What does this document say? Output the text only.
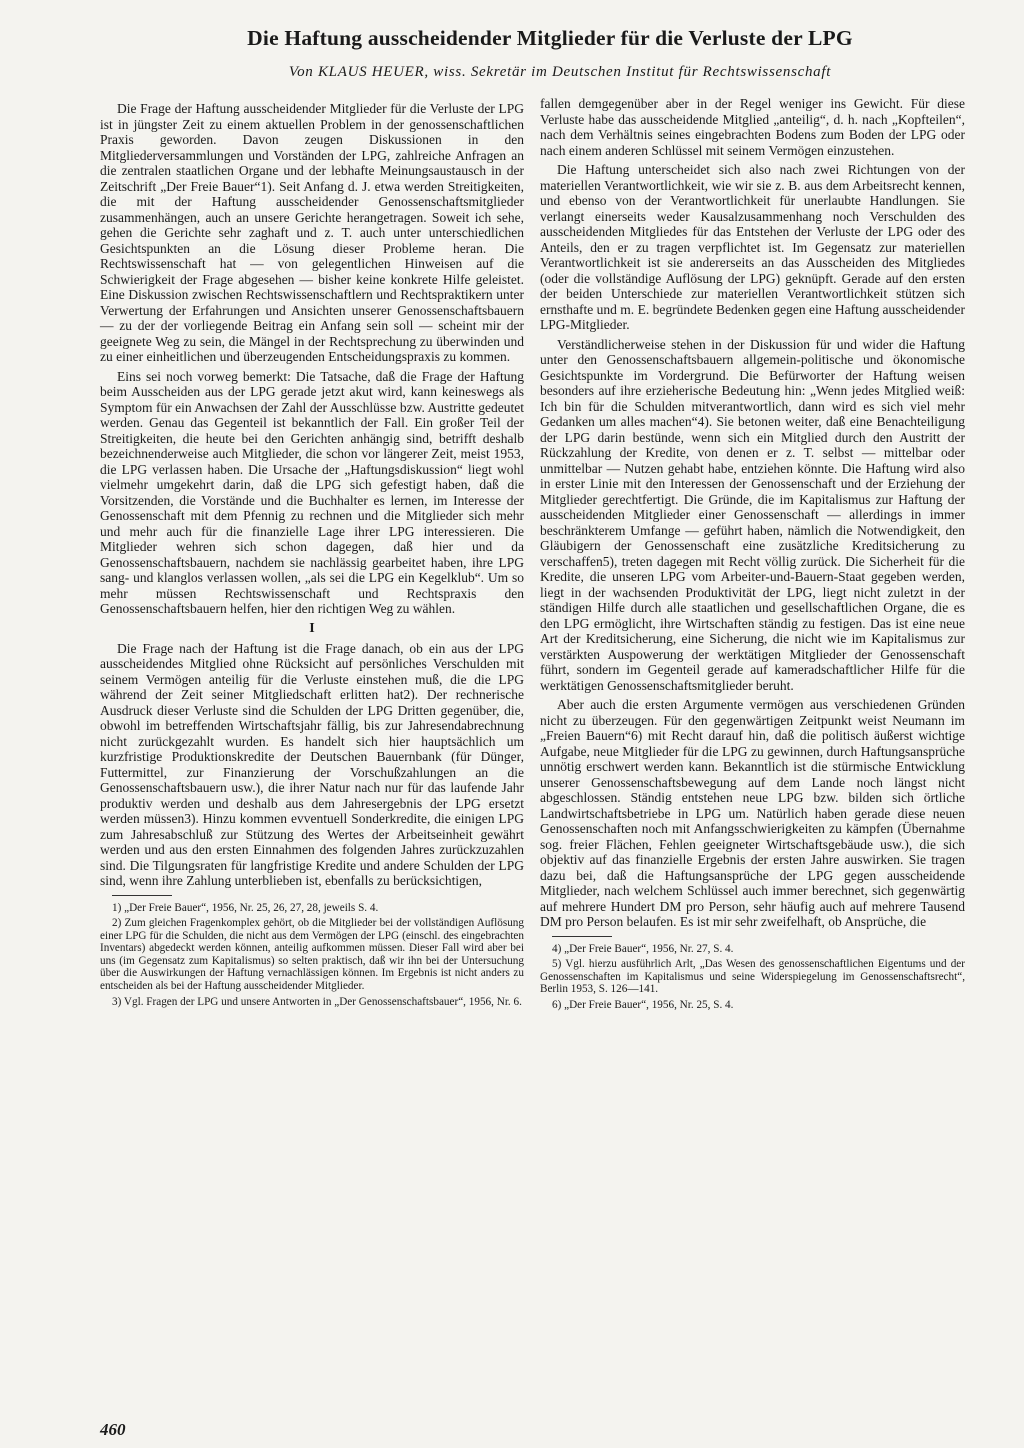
Die Haftung ausscheidender Mitglieder für die Verluste der LPG
Von KLAUS HEUER, wiss. Sekretär im Deutschen Institut für Rechtswissenschaft

Die Frage der Haftung ausscheidender Mitglieder für die Verluste der LPG ist in jüngster Zeit zu einem aktuellen Problem in der genossenschaftlichen Praxis geworden. Davon zeugen Diskussionen in den Mitgliederversammlungen und Vorständen der LPG, zahlreiche Anfragen an die zentralen staatlichen Organe und der lebhafte Meinungsaustausch in der Zeitschrift „Der Freie Bauer“1). Seit Anfang d. J. etwa werden Streitigkeiten, die mit der Haftung ausscheidender Genossenschaftsmitglieder zusammenhängen, auch an unsere Gerichte herangetragen. Soweit ich sehe, gehen die Gerichte sehr zaghaft und z. T. auch unter unterschiedlichen Gesichtspunkten an die Lösung dieser Probleme heran. Die Rechtswissenschaft hat — von gelegentlichen Hinweisen auf die Schwierigkeit der Frage abgesehen — bisher keine konkrete Hilfe geleistet. Eine Diskussion zwischen Rechtswissenschaftlern und Rechtspraktikern unter Verwertung der Erfahrungen und Ansichten unserer Genossenschaftsbauern — zu der der vorliegende Beitrag ein Anfang sein soll — scheint mir der geeignete Weg zu sein, die Mängel in der Rechtsprechung zu überwinden und zu einer einheitlichen und überzeugenden Entscheidungspraxis zu kommen.

Eins sei noch vorweg bemerkt: Die Tatsache, daß die Frage der Haftung beim Ausscheiden aus der LPG gerade jetzt akut wird, kann keineswegs als Symptom für ein Anwachsen der Zahl der Ausschlüsse bzw. Austritte gedeutet werden. Genau das Gegenteil ist bekanntlich der Fall. Ein großer Teil der Streitigkeiten, die heute bei den Gerichten anhängig sind, betrifft deshalb bezeichnenderweise auch Mitglieder, die schon vor längerer Zeit, meist 1953, die LPG verlassen haben. Die Ursache der „Haftungsdiskussion“ liegt wohl vielmehr umgekehrt darin, daß die LPG sich gefestigt haben, daß die Vorsitzenden, die Vorstände und die Buchhalter es lernen, im Interesse der Genossenschaft mit dem Pfennig zu rechnen und die Mitglieder sich mehr und mehr auch für die finanzielle Lage ihrer LPG interessieren. Die Mitglieder wehren sich schon dagegen, daß hier und da Genossenschaftsbauern, nachdem sie nachlässig gearbeitet haben, ihre LPG sang- und klanglos verlassen wollen, „als sei die LPG ein Kegelklub“. Um so mehr müssen Rechtswissenschaft und Rechtspraxis den Genossenschaftsbauern helfen, hier den richtigen Weg zu wählen.

I

Die Frage nach der Haftung ist die Frage danach, ob ein aus der LPG ausscheidendes Mitglied ohne Rücksicht auf persönliches Verschulden mit seinem Vermögen anteilig für die Verluste einstehen muß, die die LPG während der Zeit seiner Mitgliedschaft erlitten hat2). Der rechnerische Ausdruck dieser Verluste sind die Schulden der LPG Dritten gegenüber, die, obwohl im betreffenden Wirtschaftsjahr fällig, bis zur Jahresendabrechnung nicht zurückgezahlt wurden. Es handelt sich hier hauptsächlich um kurzfristige Produktionskredite der Deutschen Bauernbank (für Dünger, Futtermittel, zur Finanzierung der Vorschußzahlungen an die Genossenschaftsbauern usw.), die ihrer Natur nach nur für das laufende Jahr produktiv werden und deshalb aus dem Jahresergebnis der LPG ersetzt werden müssen3). Hinzu kommen evventuell Sonderkredite, die einigen LPG zum Jahresabschluß zur Stützung des Wertes der Arbeitseinheit gewährt werden und aus den ersten Einnahmen des folgenden Jahres zurückzuzahlen sind. Die Tilgungsraten für langfristige Kredite und andere Schulden der LPG sind, wenn ihre Zahlung unterblieben ist, ebenfalls zu berücksichtigen,

1) „Der Freie Bauer“, 1956, Nr. 25, 26, 27, 28, jeweils S. 4.

2) Zum gleichen Fragenkomplex gehört, ob die Mitglieder bei der vollständigen Auflösung einer LPG für die Schulden, die nicht aus dem Vermögen der LPG (einschl. des eingebrachten Inventars) abgedeckt werden können, anteilig aufkommen müssen. Dieser Fall wird aber bei uns (im Gegensatz zum Kapitalismus) so selten praktisch, daß wir ihn bei der Untersuchung über die Auswirkungen der Haftung vernachlässigen können. Im Ergebnis ist nicht anders zu entscheiden als bei der Haftung ausscheidender Mitglieder.

3) Vgl. Fragen der LPG und unsere Antworten in „Der Genossenschaftsbauer“, 1956, Nr. 6.

fallen demgegenüber aber in der Regel weniger ins Gewicht. Für diese Verluste habe das ausscheidende Mitglied „anteilig“, d. h. nach „Kopfteilen“, nach dem Verhältnis seines eingebrachten Bodens zum Boden der LPG oder nach einem anderen Schlüssel mit seinem Vermögen einzustehen.

Die Haftung unterscheidet sich also nach zwei Richtungen von der materiellen Verantwortlichkeit, wie wir sie z. B. aus dem Arbeitsrecht kennen, und ebenso von der Verantwortlichkeit für unerlaubte Handlungen. Sie verlangt einerseits weder Kausalzusammenhang noch Verschulden des ausscheidenden Mitgliedes für das Entstehen der Verluste der LPG oder des Anteils, den er zu tragen verpflichtet ist. Im Gegensatz zur materiellen Verantwortlichkeit ist sie andererseits an das Ausscheiden des Mitgliedes (oder die vollständige Auflösung der LPG) geknüpft. Gerade auf den ersten der beiden Unterschiede zur materiellen Verantwortlichkeit stützen sich ernsthafte und m. E. begründete Bedenken gegen eine Haftung ausscheidender LPG-Mitglieder.

Verständlicherweise stehen in der Diskussion für und wider die Haftung unter den Genossenschaftsbauern allgemein-politische und ökonomische Gesichtspunkte im Vordergrund. Die Befürworter der Haftung weisen besonders auf ihre erzieherische Bedeutung hin: „Wenn jedes Mitglied weiß: Ich bin für die Schulden mitverantwortlich, dann wird es sich viel mehr Gedanken um alles machen“4). Sie betonen weiter, daß eine Benachteiligung der LPG darin bestünde, wenn sich ein Mitglied durch den Austritt der Rückzahlung der Kredite, von denen er z. T. selbst — mittelbar oder unmittelbar — Nutzen gehabt habe, entziehen könnte. Die Haftung wird also in erster Linie mit den Interessen der Genossenschaft und der Erziehung der Mitglieder gerechtfertigt. Die Gründe, die im Kapitalismus zur Haftung der ausscheidenden Mitglieder einer Genossenschaft — allerdings in immer beschränkterem Umfange — geführt haben, nämlich die Notwendigkeit, den Gläubigern der Genossenschaft eine zusätzliche Kreditsicherung zu verschaffen5), treten dagegen mit Recht völlig zurück. Die Sicherheit für die Kredite, die unseren LPG vom Arbeiter-und-Bauern-Staat gegeben werden, liegt in der wachsenden Produktivität der LPG, liegt nicht zuletzt in der ständigen Hilfe durch alle staatlichen und gesellschaftlichen Organe, die es den LPG ermöglicht, ihre Wirtschaften ständig zu festigen. Das ist eine neue Art der Kreditsicherung, eine Sicherung, die nicht wie im Kapitalismus zur verstärkten Auspowerung der werktätigen Mitglieder der Genossenschaft führt, sondern im Gegenteil gerade auf kameradschaftlicher Hilfe für die werktätigen Genossenschaftsmitglieder beruht.

Aber auch die ersten Argumente vermögen aus verschiedenen Gründen nicht zu überzeugen. Für den gegenwärtigen Zeitpunkt weist Neumann im „Freien Bauern“6) mit Recht darauf hin, daß die politisch äußerst wichtige Aufgabe, neue Mitglieder für die LPG zu gewinnen, durch Haftungsansprüche unnötig erschwert werden kann. Bekanntlich ist die stürmische Entwicklung unserer Genossenschaftsbewegung auf dem Lande noch längst nicht abgeschlossen. Ständig entstehen neue LPG bzw. bilden sich örtliche Landwirtschaftsbetriebe in LPG um. Natürlich haben gerade diese neuen Genossenschaften noch mit Anfangsschwierigkeiten zu kämpfen (Übernahme sog. freier Flächen, Fehlen geeigneter Wirtschaftsgebäude usw.), die sich objektiv auf das finanzielle Ergebnis der ersten Jahre auswirken. Sie tragen dazu bei, daß die Haftungsansprüche der LPG gegen ausscheidende Mitglieder, nach welchem Schlüssel auch immer berechnet, sich gegenwärtig auf mehrere Hundert DM pro Person, sehr häufig auch auf mehrere Tausend DM pro Person belaufen. Es ist mir sehr zweifelhaft, ob Ansprüche, die

4) „Der Freie Bauer“, 1956, Nr. 27, S. 4.

5) Vgl. hierzu ausführlich Arlt, „Das Wesen des genossenschaftlichen Eigentums und der Genossenschaften im Kapitalismus und seine Widerspiegelung im Genossenschaftsrecht“, Berlin 1953, S. 126—141.

6) „Der Freie Bauer“, 1956, Nr. 25, S. 4.

460
